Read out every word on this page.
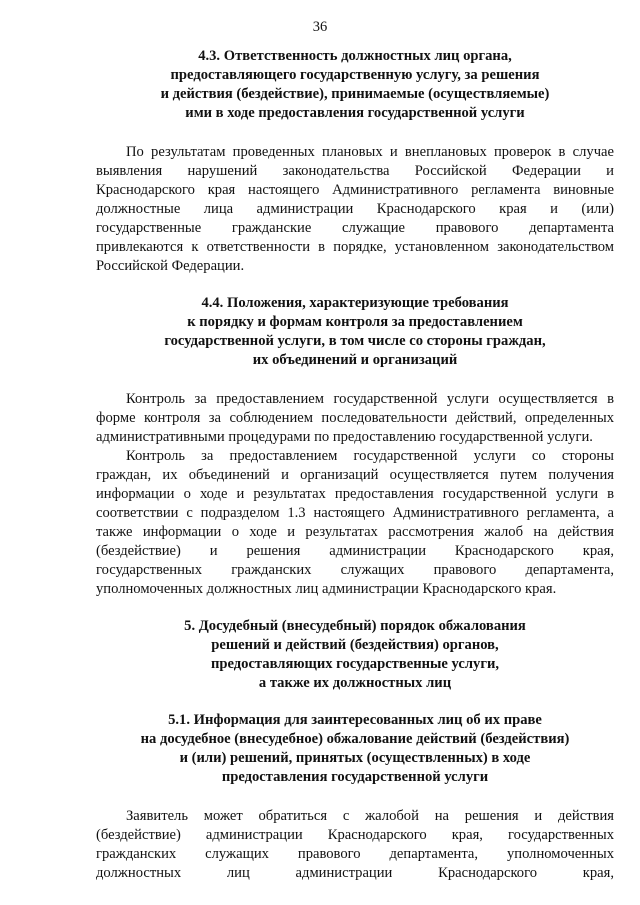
36
4.3. Ответственность должностных лиц органа,
предоставляющего государственную услугу, за решения
и действия (бездействие), принимаемые (осуществляемые)
ими в ходе предоставления государственной услуги
По результатам проведенных плановых и внеплановых проверок в случае
выявления нарушений законодательства Российской Федерации и
Краснодарского края настоящего Административного регламента виновные
должностные лица администрации Краснодарского края и (или)
государственные гражданские служащие правового департамента
привлекаются к ответственности в порядке, установленном законодательством
Российской Федерации.
4.4. Положения, характеризующие требования
к порядку и формам контроля за предоставлением
государственной услуги, в том числе со стороны граждан,
их объединений и организаций
Контроль за предоставлением государственной услуги осуществляется в
форме контроля за соблюдением последовательности действий, определенных
административными процедурами по предоставлению государственной услуги.
Контроль за предоставлением государственной услуги со стороны
граждан, их объединений и организаций осуществляется путем получения
информации о ходе и результатах предоставления государственной услуги в
соответствии с подразделом 1.3 настоящего Административного регламента, а
также информации о ходе и результатах рассмотрения жалоб на действия
(бездействие) и решения администрации Краснодарского края,
государственных гражданских служащих правового департамента,
уполномоченных должностных лиц администрации Краснодарского края.
5. Досудебный (внесудебный) порядок обжалования
решений и действий (бездействия) органов,
предоставляющих государственные услуги,
а также их должностных лиц
5.1. Информация для заинтересованных лиц об их праве
на досудебное (внесудебное) обжалование действий (бездействия)
и (или) решений, принятых (осуществленных) в ходе
предоставления государственной услуги
Заявитель может обратиться с жалобой на решения и действия
(бездействие) администрации Краснодарского края, государственных
гражданских служащих правового департамента, уполномоченных
должностных лиц администрации Краснодарского края,
